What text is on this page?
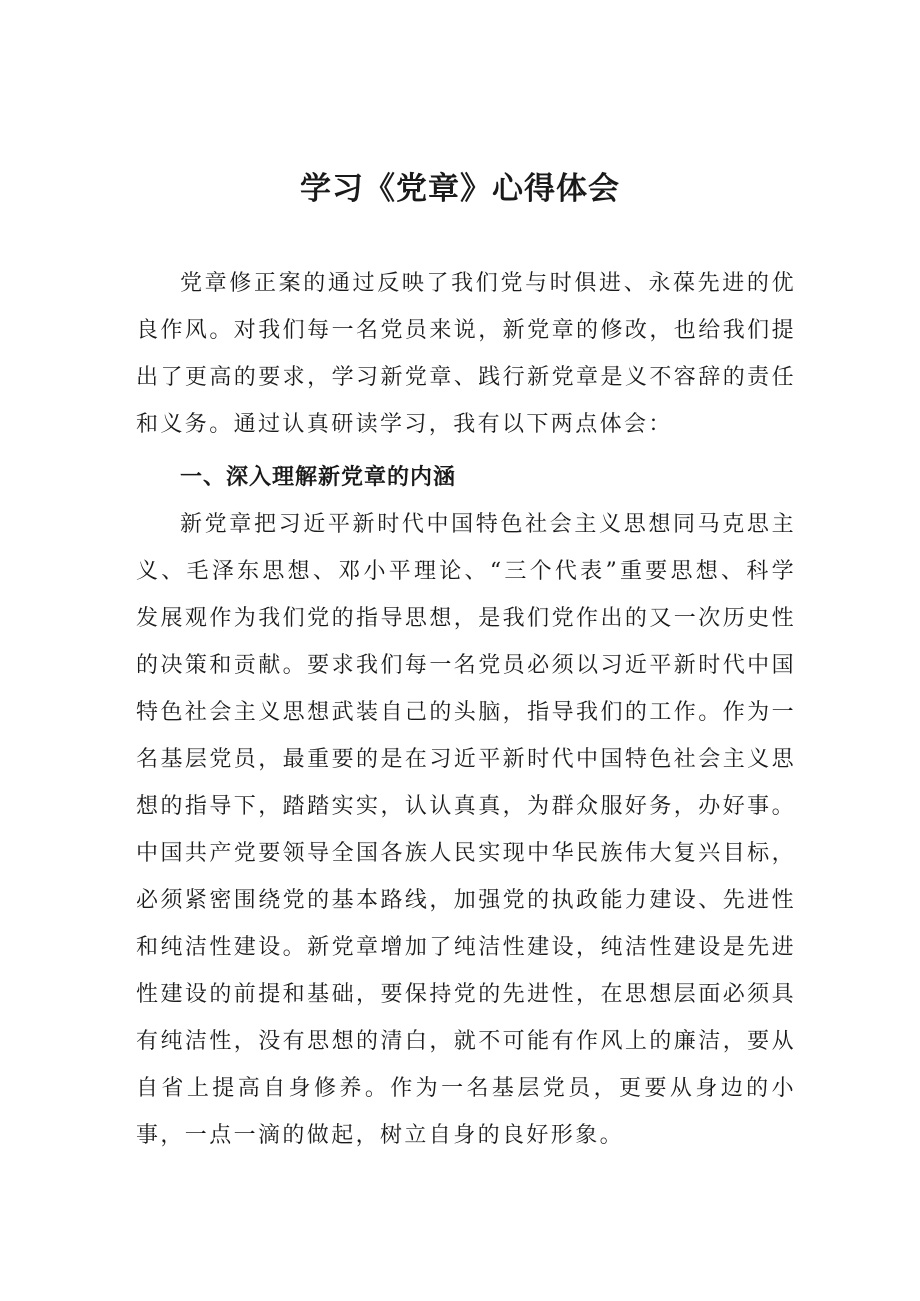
学习《党章》心得体会

党章修正案的通过反映了我们党与时俱进、永葆先进的优良作风。对我们每一名党员来说，新党章的修改，也给我们提出了更高的要求，学习新党章、践行新党章是义不容辞的责任和义务。通过认真研读学习，我有以下两点体会：

一、深入理解新党章的内涵

新党章把习近平新时代中国特色社会主义思想同马克思主义、毛泽东思想、邓小平理论、“三个代表”重要思想、科学发展观作为我们党的指导思想，是我们党作出的又一次历史性的决策和贡献。要求我们每一名党员必须以习近平新时代中国特色社会主义思想武装自己的头脑，指导我们的工作。作为一名基层党员，最重要的是在习近平新时代中国特色社会主义思想的指导下，踏踏实实，认认真真，为群众服好务，办好事。中国共产党要领导全国各族人民实现中华民族伟大复兴目标，必须紧密围绕党的基本路线，加强党的执政能力建设、先进性和纯洁性建设。新党章增加了纯洁性建设，纯洁性建设是先进性建设的前提和基础，要保持党的先进性，在思想层面必须具有纯洁性，没有思想的清白，就不可能有作风上的廉洁，要从自省上提高自身修养。作为一名基层党员，更要从身边的小事，一点一滴的做起，树立自身的良好形象。
